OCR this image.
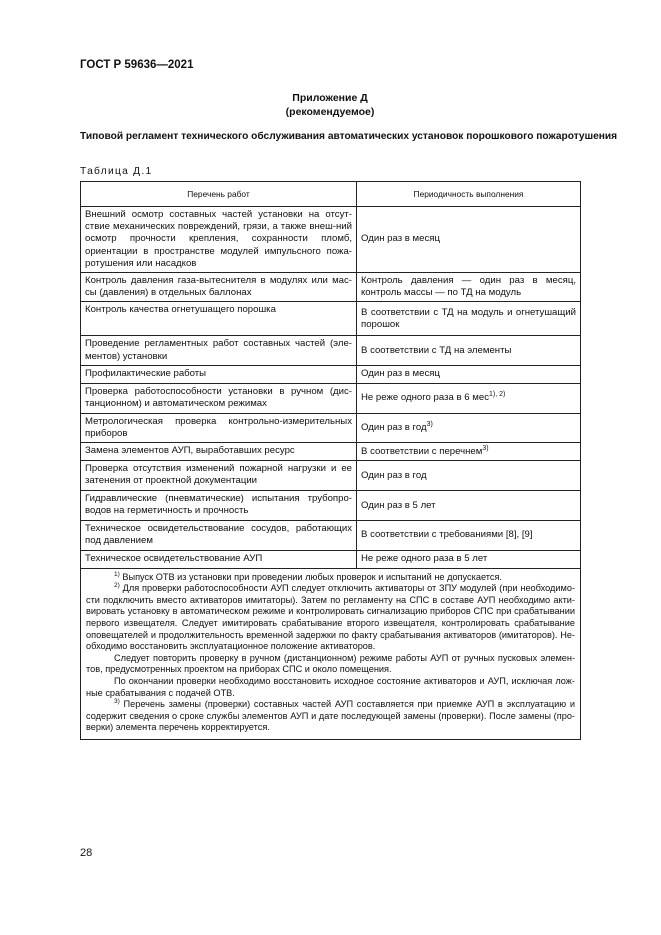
ГОСТ Р 59636—2021
Приложение Д
(рекомендуемое)
Типовой регламент технического обслуживания автоматических установок порошкового пожаротушения
Таблица Д.1
Перечень работ	Периодичность выполнения
Внешний осмотр составных частей установки на отсут-ствие механических повреждений, грязи, а также внеш-ний осмотр прочности крепления, сохранности пломб, ориентации в пространстве модулей импульсного пожа-ротушения или насадков	Один раз в месяц
Контроль давления газа-вытеснителя в модулях или мас-сы (давления) в отдельных баллонах	Контроль давления — один раз в месяц, контроль массы — по ТД на модуль
Контроль качества огнетушащего порошка	В соответствии с ТД на модуль и огнетушащий порошок
Проведение регламентных работ составных частей (эле-ментов) установки	В соответствии с ТД на элементы
Профилактические работы	Один раз в месяц
Проверка работоспособности установки в ручном (дис-танционном) и автоматическом режимах	Не реже одного раза в 6 мес$^{1), 2)}$
Метрологическая проверка контрольно-измерительных приборов	Один раз в год$^{3)}$
Замена элементов АУП, выработавших ресурс	В соответствии с перечнем$^{3)}$
Проверка отсутствия изменений пожарной нагрузки и ее затенения от проектной документации	Один раз в год
Гидравлические (пневматические) испытания трубопро-водов на герметичность и прочность	Один раз в 5 лет
Техническое освидетельствование сосудов, работающих под давлением	В соответствии с требованиями [8], [9]
Техническое освидетельствование АУП	Не реже одного раза в 5 лет

$^{1)}$ Выпуск ОТВ из установки при проведении любых проверок и испытаний не допускается.

$^{2)}$ Для проверки работоспособности АУП следует отключить активаторы от ЗПУ модулей (при необходимо-сти подключить вместо активаторов имитаторы). Затем по регламенту на СПС в составе АУП необходимо акти-вировать установку в автоматическом режиме и контролировать сигнализацию приборов СПС при срабатывании первого извещателя. Следует имитировать срабатывание второго извещателя, контролировать срабатывание оповещателей и продолжительность временной задержки по факту срабатывания активаторов (имитаторов). Не-обходимо восстановить эксплуатационное положение активаторов.

Следует повторить проверку в ручном (дистанционном) режиме работы АУП от ручных пусковых элемен-тов, предусмотренных проектом на приборах СПС и около помещения.

По окончании проверки необходимо восстановить исходное состояние активаторов и АУП, исключая лож-ные срабатывания с подачей ОТВ.

$^{3)}$ Перечень замены (проверки) составных частей АУП составляется при приемке АУП в эксплуатацию и содержит сведения о сроке службы элементов АУП и дате последующей замены (проверки). После замены (про-верки) элемента перечень корректируется.	

28
